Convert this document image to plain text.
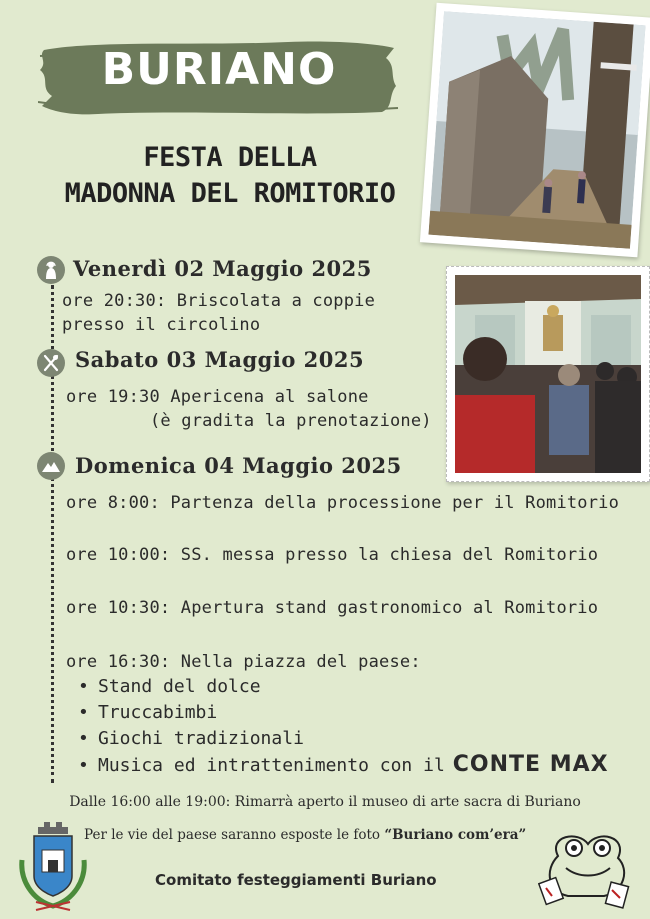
BURIANO
FESTA DELLA
MADONNA DEL ROMITORIO
Venerdì 02 Maggio 2025
ore 20:30: Briscolata a coppie
presso il circolino
Sabato 03 Maggio 2025
ore 19:30 Apericena al salone
(è gradita la prenotazione)
Domenica 04 Maggio 2025
ore 8:00: Partenza della processione per il Romitorio
ore 10:00: SS. messa presso la chiesa del Romitorio
ore 10:30: Apertura stand gastronomico al Romitorio
ore 16:30: Nella piazza del paese:
• Stand del dolce
• Truccabimbi
• Giochi tradizionali
• Musica ed intrattenimento con il CONTE MAX
Dalle 16:00 alle 19:00: Rimarrà aperto il museo di arte sacra di Buriano
Per le vie del paese saranno esposte le foto “Buriano com’era”
Comitato festeggiamenti Buriano
